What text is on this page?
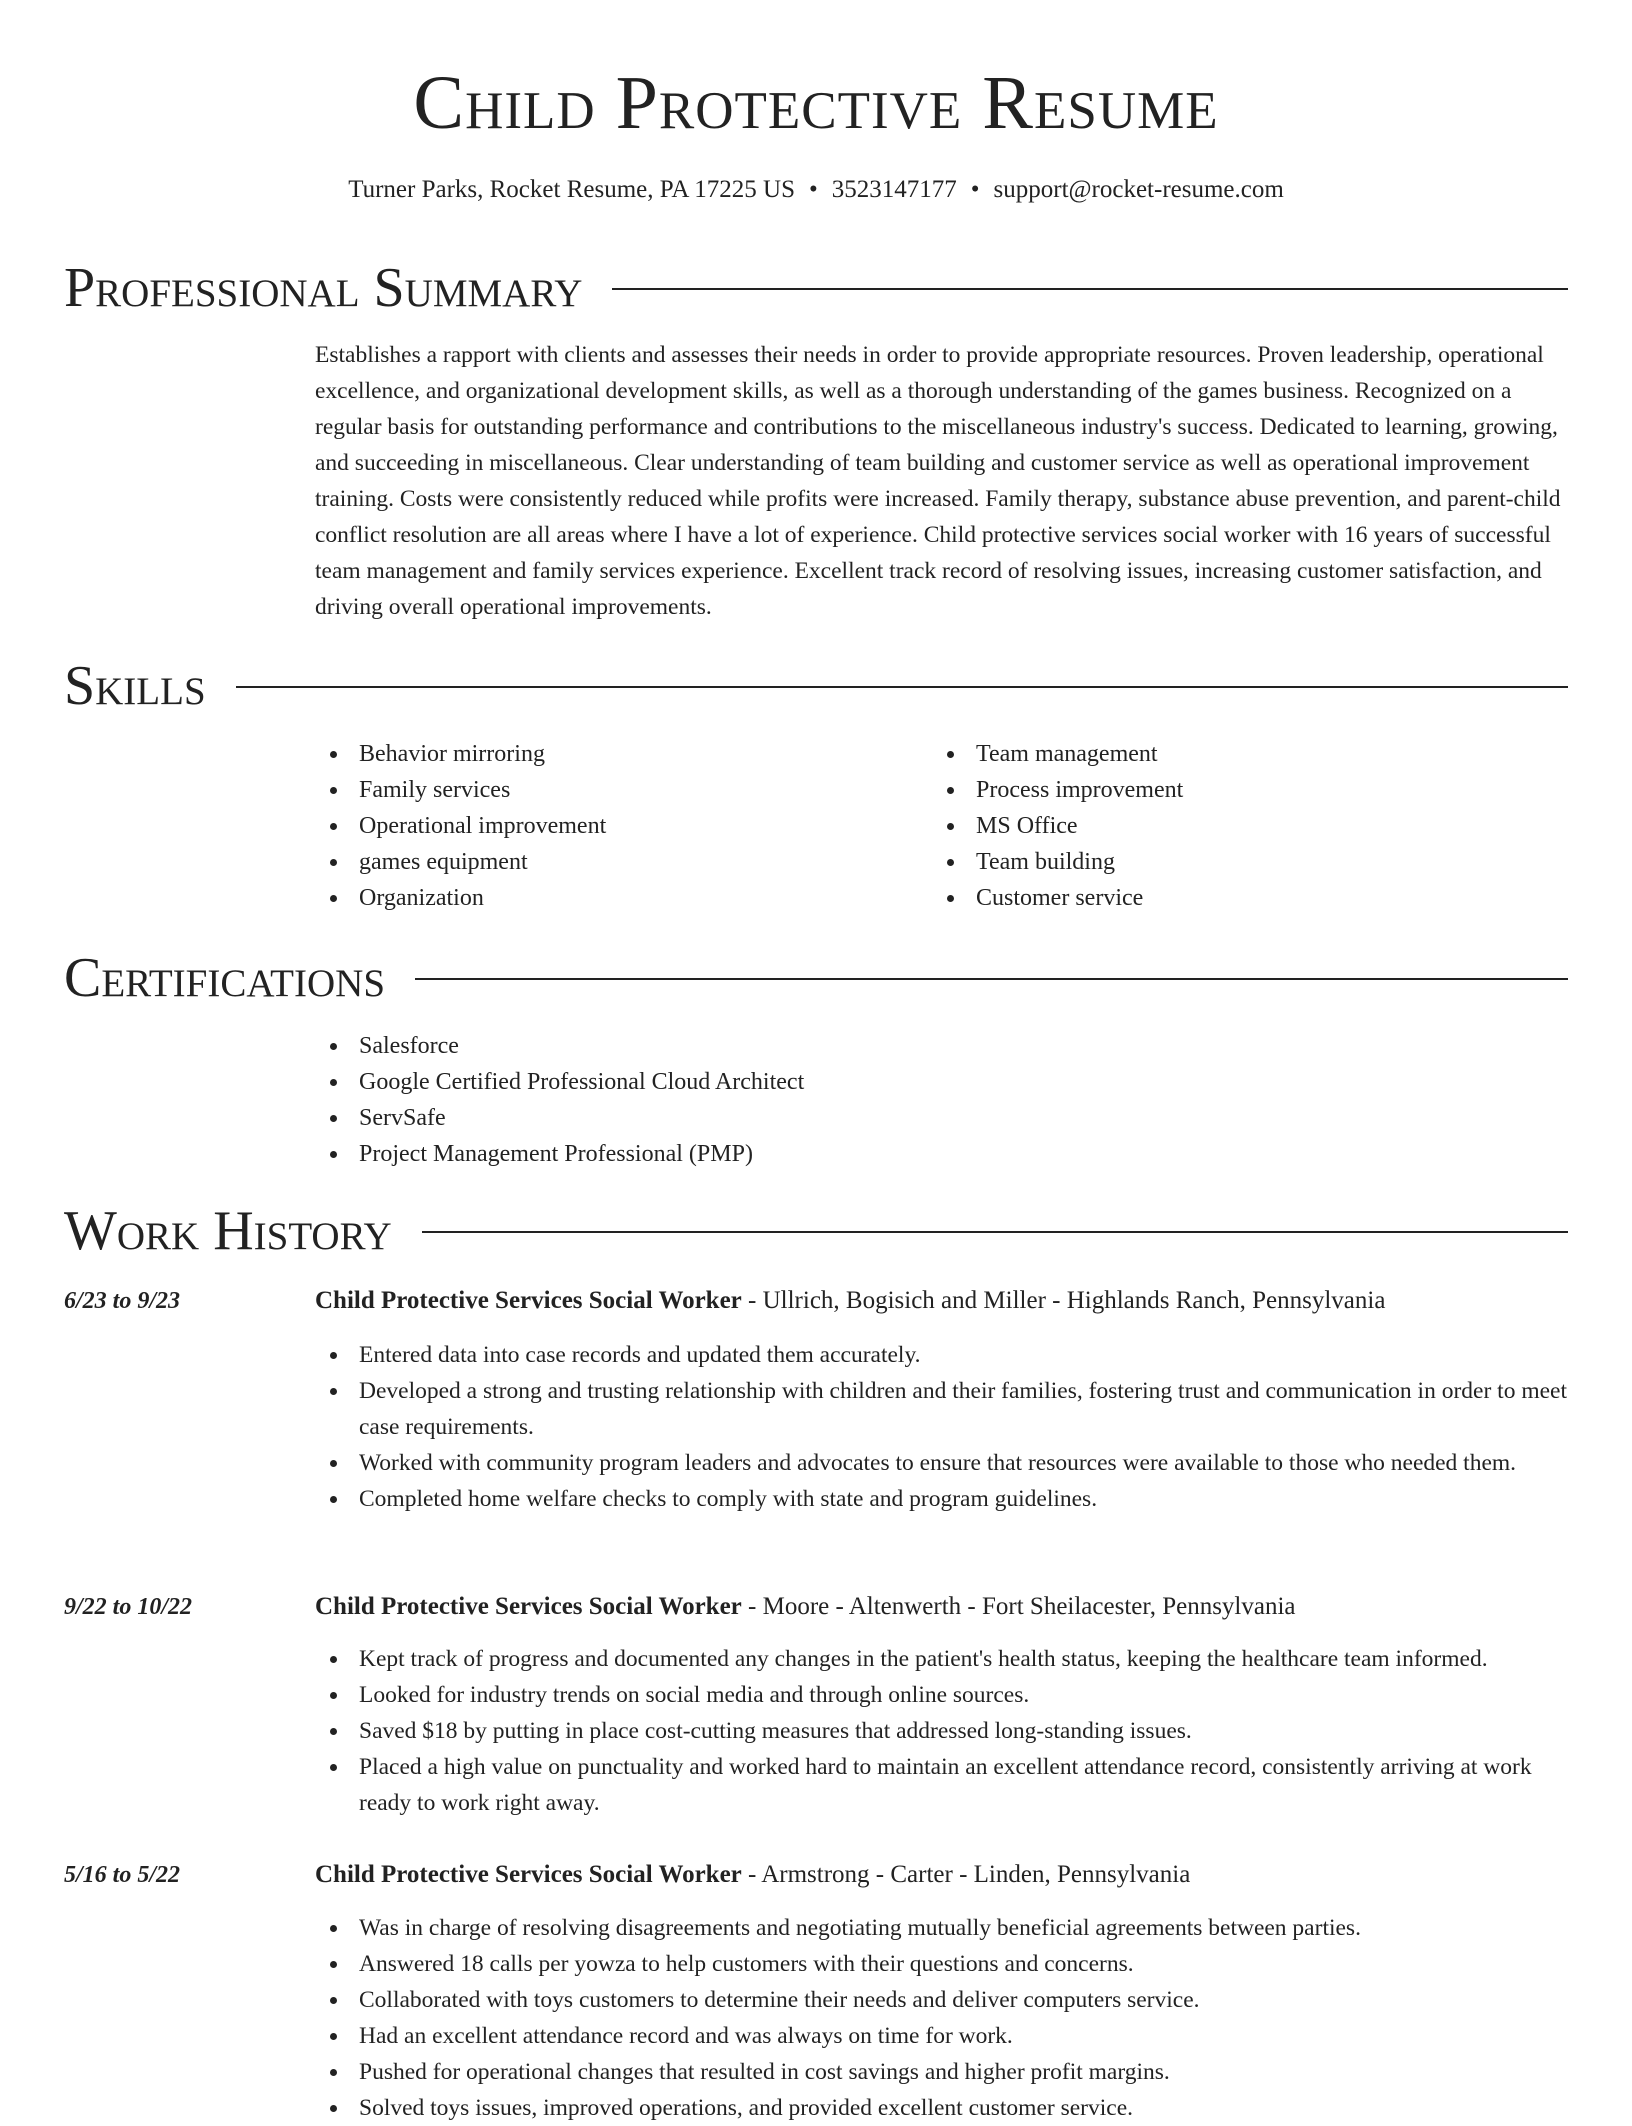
Child Protective Resume
Turner Parks, Rocket Resume, PA 17225 US • 3523147177 • support@rocket-resume.com
Professional Summary

Establishes a rapport with clients and assesses their needs in order to provide appropriate resources. Proven leadership, operational excellence, and organizational development skills, as well as a thorough understanding of the games business. Recognized on a regular basis for outstanding performance and contributions to the miscellaneous industry's success. Dedicated to learning, growing, and succeeding in miscellaneous. Clear understanding of team building and customer service as well as operational improvement training. Costs were consistently reduced while profits were increased. Family therapy, substance abuse prevention, and parent-child conflict resolution are all areas where I have a lot of experience. Child protective services social worker with 16 years of successful team management and family services experience. Excellent track record of resolving issues, increasing customer satisfaction, and driving overall operational improvements.

Skills
Behavior mirroring
Family services
Operational improvement
games equipment
Organization
Team management
Process improvement
MS Office
Team building
Customer service
Certifications
Salesforce
Google Certified Professional Cloud Architect
ServSafe
Project Management Professional (PMP)
Work History
6/23 to 9/23	Child Protective Services Social Worker - Ullrich, Bogisich and Miller - Highlands Ranch, Pennsylvania
Entered data into case records and updated them accurately.
Developed a strong and trusting relationship with children and their families, fostering trust and communication in order to meet case requirements.
Worked with community program leaders and advocates to ensure that resources were available to those who needed them.
Completed home welfare checks to comply with state and program guidelines.
9/22 to 10/22	Child Protective Services Social Worker - Moore - Altenwerth - Fort Sheilacester, Pennsylvania
Kept track of progress and documented any changes in the patient's health status, keeping the healthcare team informed.
Looked for industry trends on social media and through online sources.
Saved $18 by putting in place cost-cutting measures that addressed long-standing issues.
Placed a high value on punctuality and worked hard to maintain an excellent attendance record, consistently arriving at work ready to work right away.
5/16 to 5/22	Child Protective Services Social Worker - Armstrong - Carter - Linden, Pennsylvania
Was in charge of resolving disagreements and negotiating mutually beneficial agreements between parties.
Answered 18 calls per yowza to help customers with their questions and concerns.
Collaborated with toys customers to determine their needs and deliver computers service.
Had an excellent attendance record and was always on time for work.
Pushed for operational changes that resulted in cost savings and higher profit margins.
Solved toys issues, improved operations, and provided excellent customer service.
